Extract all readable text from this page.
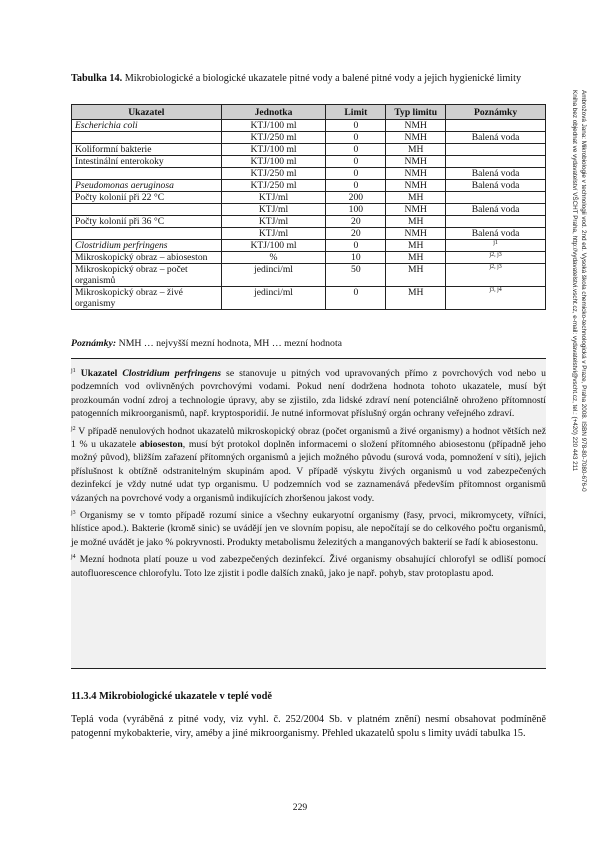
Tabulka 14. Mikrobiologické a biologické ukazatele pitné vody a balené pitné vody a jejich hygienické limity
Ukazatel	Jednotka	Limit	Typ limitu	Poznámky
Escherichia coli	KTJ/100 ml	0	NMH	
	KTJ/250 ml	0	NMH	Balená voda
Koliformní bakterie	KTJ/100 ml	0	MH	
Intestinální enterokoky	KTJ/100 ml	0	NMH	
	KTJ/250 ml	0	NMH	Balená voda
Pseudomonas aeruginosa	KTJ/250 ml	0	NMH	Balená voda
Počty kolonií při 22 °C	KTJ/ml	200	MH	
	KTJ/ml	100	NMH	Balená voda
Počty kolonií při 36 °C	KTJ/ml	20	MH	
	KTJ/ml	20	NMH	Balená voda
Clostridium perfringens	KTJ/100 ml	0	MH	$^{j1}$
Mikroskopický obraz – abioseston	%	10	MH	$^{j2, j3}$
Mikroskopický obraz – počet organismů	jedinci/ml	50	MH	$^{j2, j3}$
Mikroskopický obraz – živé organismy	jedinci/ml	0	MH	$^{j3, j4}$
Poznámky: NMH … nejvyšší mezní hodnota, MH … mezní hodnota

$^{j1}$ Ukazatel Clostridium perfringens se stanovuje u pitných vod upravovaných přímo z povrchových vod nebo u podzemních vod ovlivněných povrchovými vodami. Pokud není dodržena hodnota tohoto ukazatele, musí být prozkoumán vodní zdroj a technologie úpravy, aby se zjistilo, zda lidské zdraví není potenciálně ohroženo přítomností patogenních mikroorganismů, např. kryptosporidií. Je nutné informovat příslušný orgán ochrany veřejného zdraví.

$^{j2}$ V případě nenulových hodnot ukazatelů mikroskopický obraz (počet organismů a živé organismy) a hodnot větších než 1 % u ukazatele abioseston, musí být protokol doplněn informacemi o složení přítomného abiosestonu (případně jeho možný původ), bližším zařazení přítomných organismů a jejich možného původu (surová voda, pomnožení v síti), jejich příslušnost k obtížně odstranitelným skupinám apod. V případě výskytu živých organismů u vod zabezpečených dezinfekcí je vždy nutné udat typ organismu. U podzemních vod se zaznamenává především přítomnost organismů vázaných na povrchové vody a organismů indikujících zhoršenou jakost vody.

$^{j3}$ Organismy se v tomto případě rozumí sinice a všechny eukaryotní organismy (řasy, prvoci, mikromycety, vířníci, hlístice apod.). Bakterie (kromě sinic) se uvádějí jen ve slovním popisu, ale nepočítají se do celkového počtu organismů, je možné uvádět je jako % pokryvnosti. Produkty metabolismu železitých a manganových bakterií se řadí k abiosestonu.

$^{j4}$ Mezní hodnota platí pouze u vod zabezpečených dezinfekcí. Živé organismy obsahující chlorofyl se odliší pomocí autofluorescence chlorofylu. Toto lze zjistit i podle dalších znaků, jako je např. pohyb, stav protoplastu apod.

11.3.4 Mikrobiologické ukazatele v teplé vodě
Teplá voda (vyráběná z pitné vody, viz vyhl. č. 252/2004 Sb. v platném znění) nesmí obsahovat podmíněně patogenní mykobakterie, viry, améby a jiné mikroorganismy. Přehled ukazatelů spolu s limity uvádí tabulka 15.
229
Ambrožová Jana: Mikrobiologie v technologii vod. 2nd ed. Vysoká škola chemicko-technologická v Praze, Praha 2008. ISBN 978-80-7080-676-0
Kniha bez objednat ve vydavatelství VŠCHT Praha, http://vydavatelstvi.vscht.cz, e-mail: vydavatelstvi@vscht.cz, tel.: (+420) 220 443 211
